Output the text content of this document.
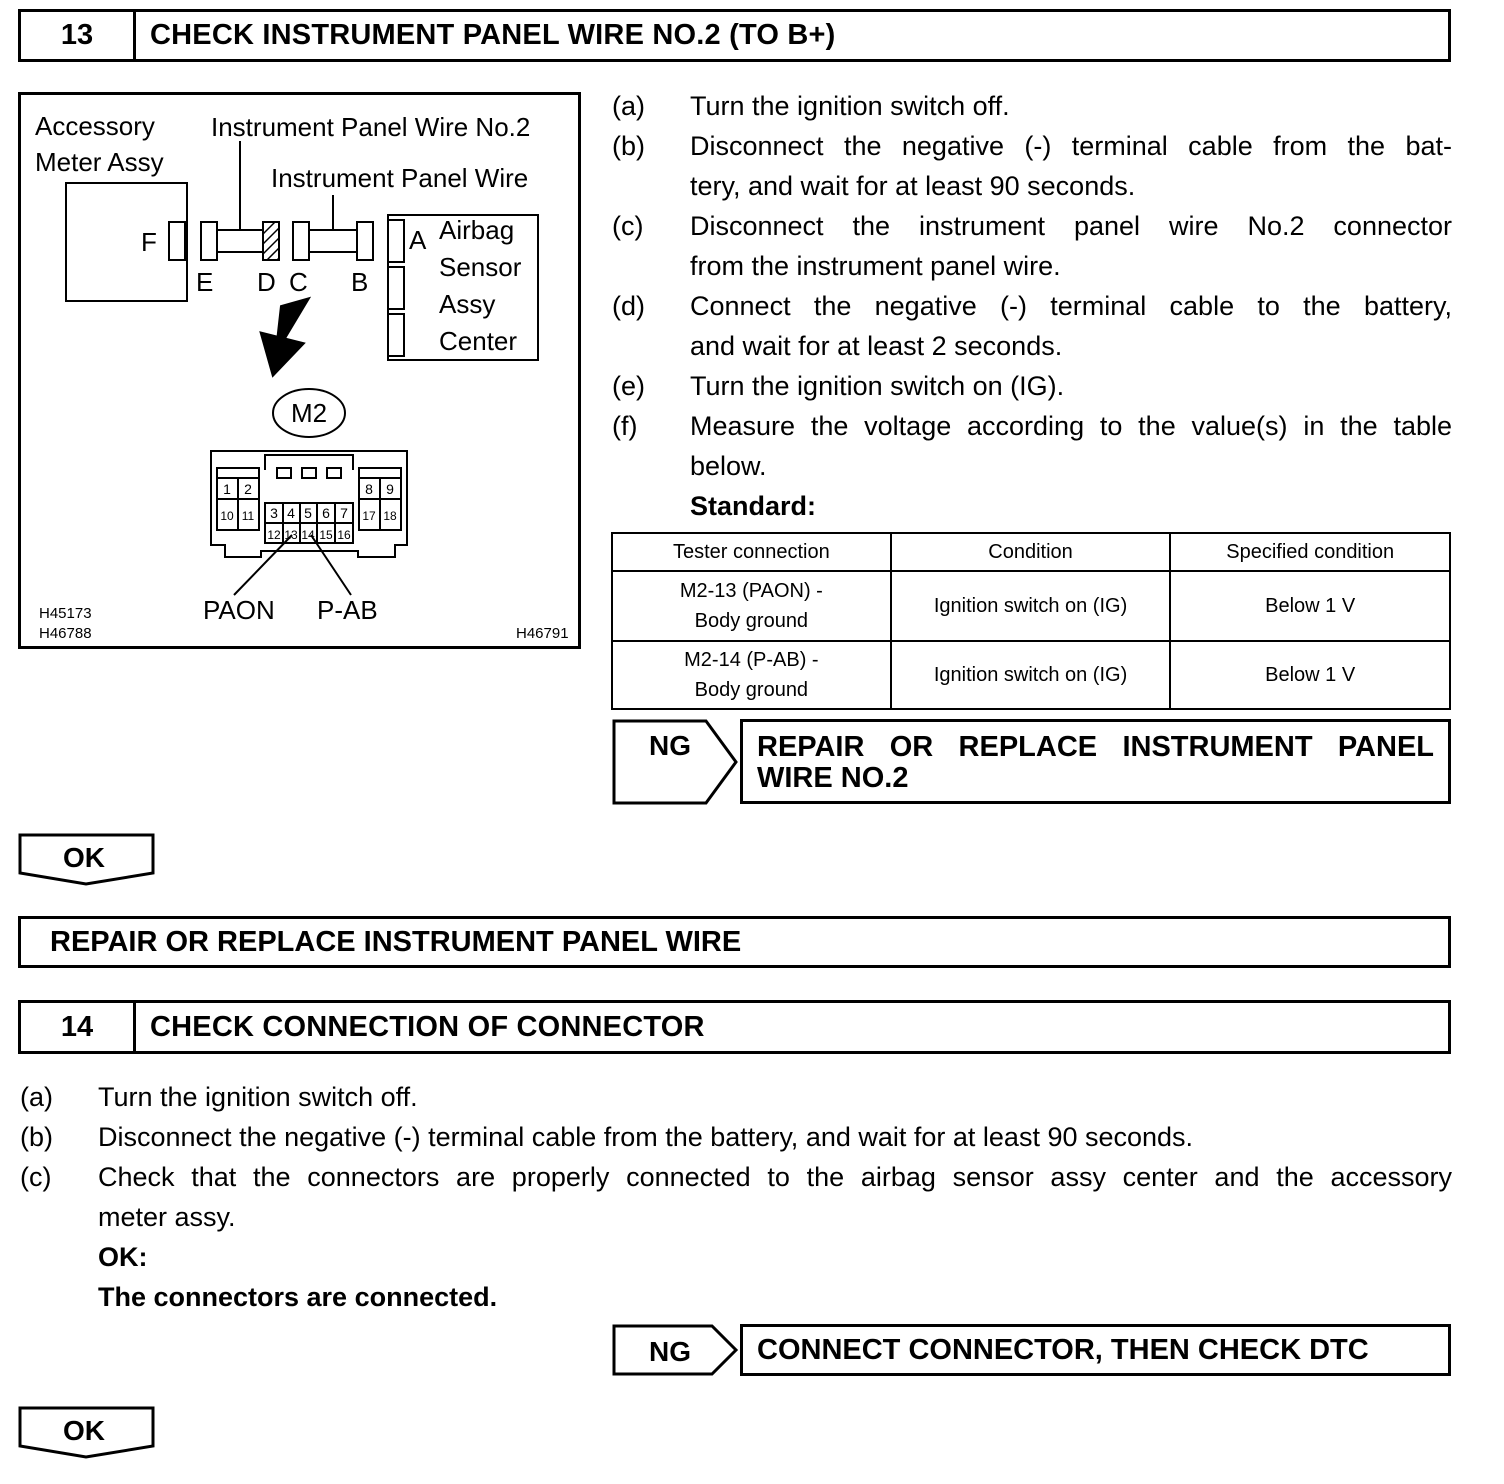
13	CHECK INSTRUMENT PANEL WIRE NO.2 (TO B+)
Accessory
Meter Assy
Instrument Panel Wire No.2
Instrument Panel Wire
Airbag
Sensor
Assy
Center
F
E D C B
A
M2
PAON P-AB
1 2
10 11 3 4 5 6 7
12 13 14 15 16
8 9
17 18
H45173
H46788	H46791
(a)	Turn the ignition switch off.
(b)	Disconnect the negative (-) terminal cable from the bat-
tery, and wait for at least 90 seconds.
(c)	Disconnect the instrument panel wire No.2 connector
from the instrument panel wire.
(d)	Connect the negative (-) terminal cable to the battery,
and wait for at least 2 seconds.
(e)	Turn the ignition switch on (IG).
(f)	Measure the voltage according to the value(s) in the table
below.
Standard:
Tester connection	Condition	Specified condition

M2-13 (PAON) -
Body ground	Ignition switch on (IG)	Below 1 V

M2-14 (P-AB) -
Body ground	Ignition switch on (IG)	Below 1 V
NG REPAIR OR REPLACE INSTRUMENT PANEL
WIRE NO.2
OK
REPAIR OR REPLACE INSTRUMENT PANEL WIRE
14	CHECK CONNECTION OF CONNECTOR
(a)	Turn the ignition switch off.
(b)	Disconnect the negative (-) terminal cable from the battery, and wait for at least 90 seconds.
(c)	Check that the connectors are properly connected to the airbag sensor assy center and the accessory
meter assy.
OK:
The connectors are connected.
NG	CONNECT CONNECTOR, THEN CHECK DTC
OK
